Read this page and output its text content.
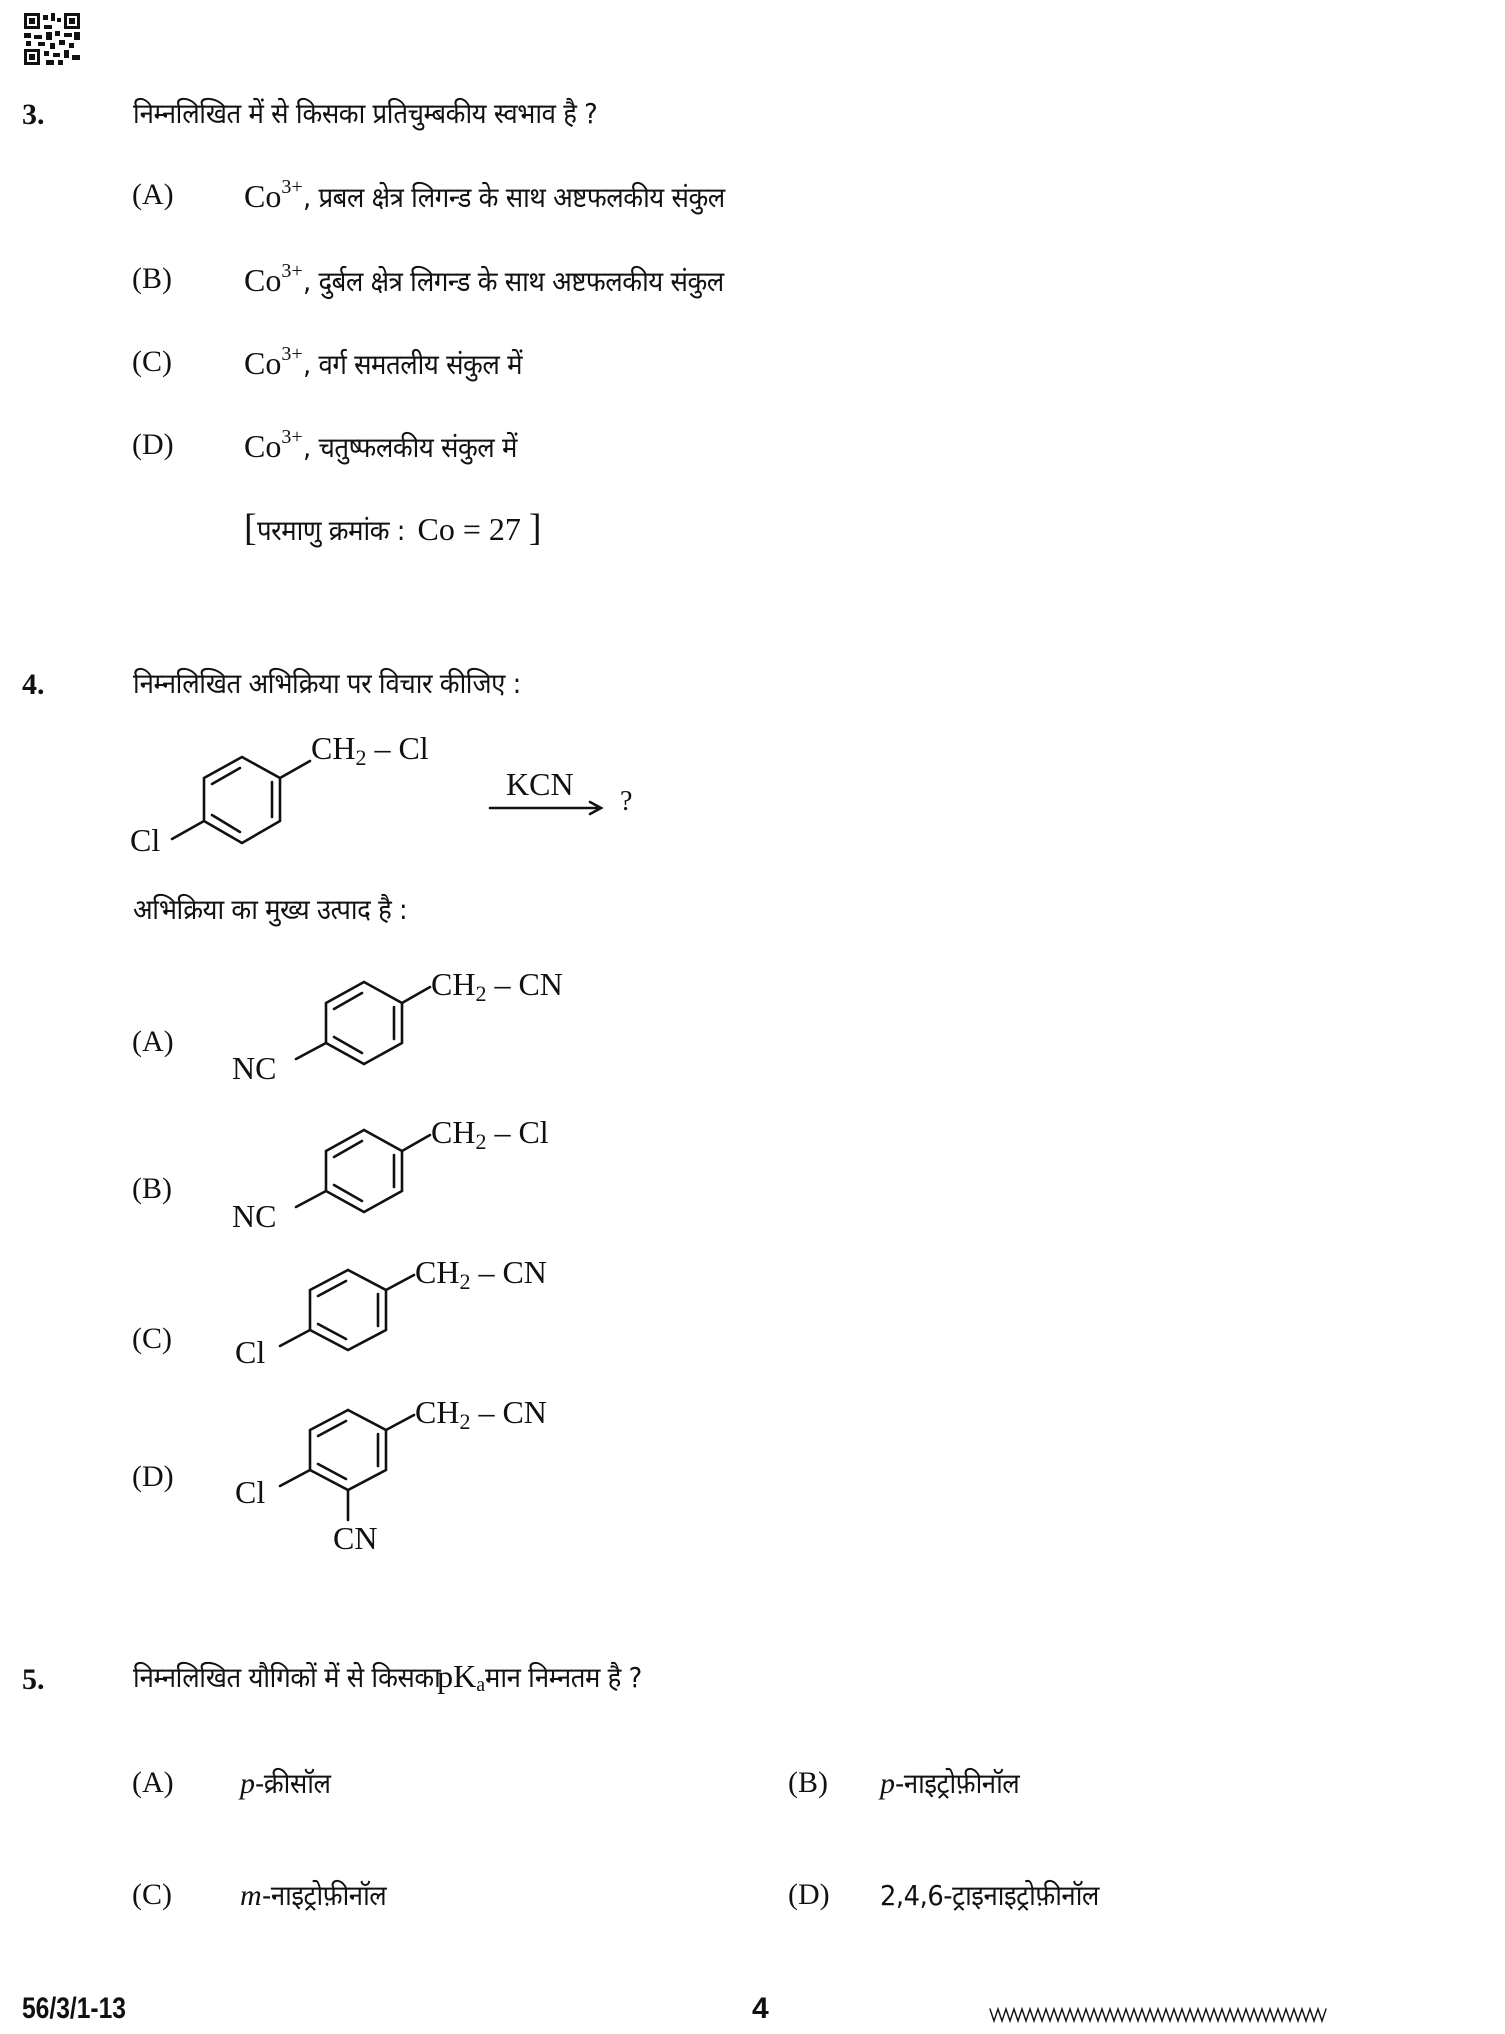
3.	निम्नलिखित में से किसका प्रतिचुम्बकीय स्वभाव है ?
(A) Co3+, प्रबल क्षेत्र लिगन्ड के साथ अष्टफलकीय संकुल
(B) Co3+, दुर्बल क्षेत्र लिगन्ड के साथ अष्टफलकीय संकुल
(C) Co3+, वर्ग समतलीय संकुल में
(D) Co3+, चतुष्फलकीय संकुल में
[परमाणु क्रमांक :Co = 27 ]
4.	निम्नलिखित अभिक्रिया पर विचार कीजिए :
$CH_2$ – Cl
Cl
KCN ?
अभिक्रिया का मुख्य उत्पाद है :
(A)
$CH_2$ – CN
NC
(B)
$CH_2$ – Cl
NC
(C)
$CH_2$ – CN
Cl
(D)
$CH_2$ – CN
Cl
CN
5.	निम्नलिखित यौगिकों में से $किसकाpK_aमान$ निम्नतम है ?
(A) p-क्रीसॉल	(B) p-नाइट्रोफ़ीनॉल
(C) m-नाइट्रोफ़ीनॉल	(D) 2,4,6-ट्राइनाइट्रोफ़ीनॉल
56/3/1-13	4
